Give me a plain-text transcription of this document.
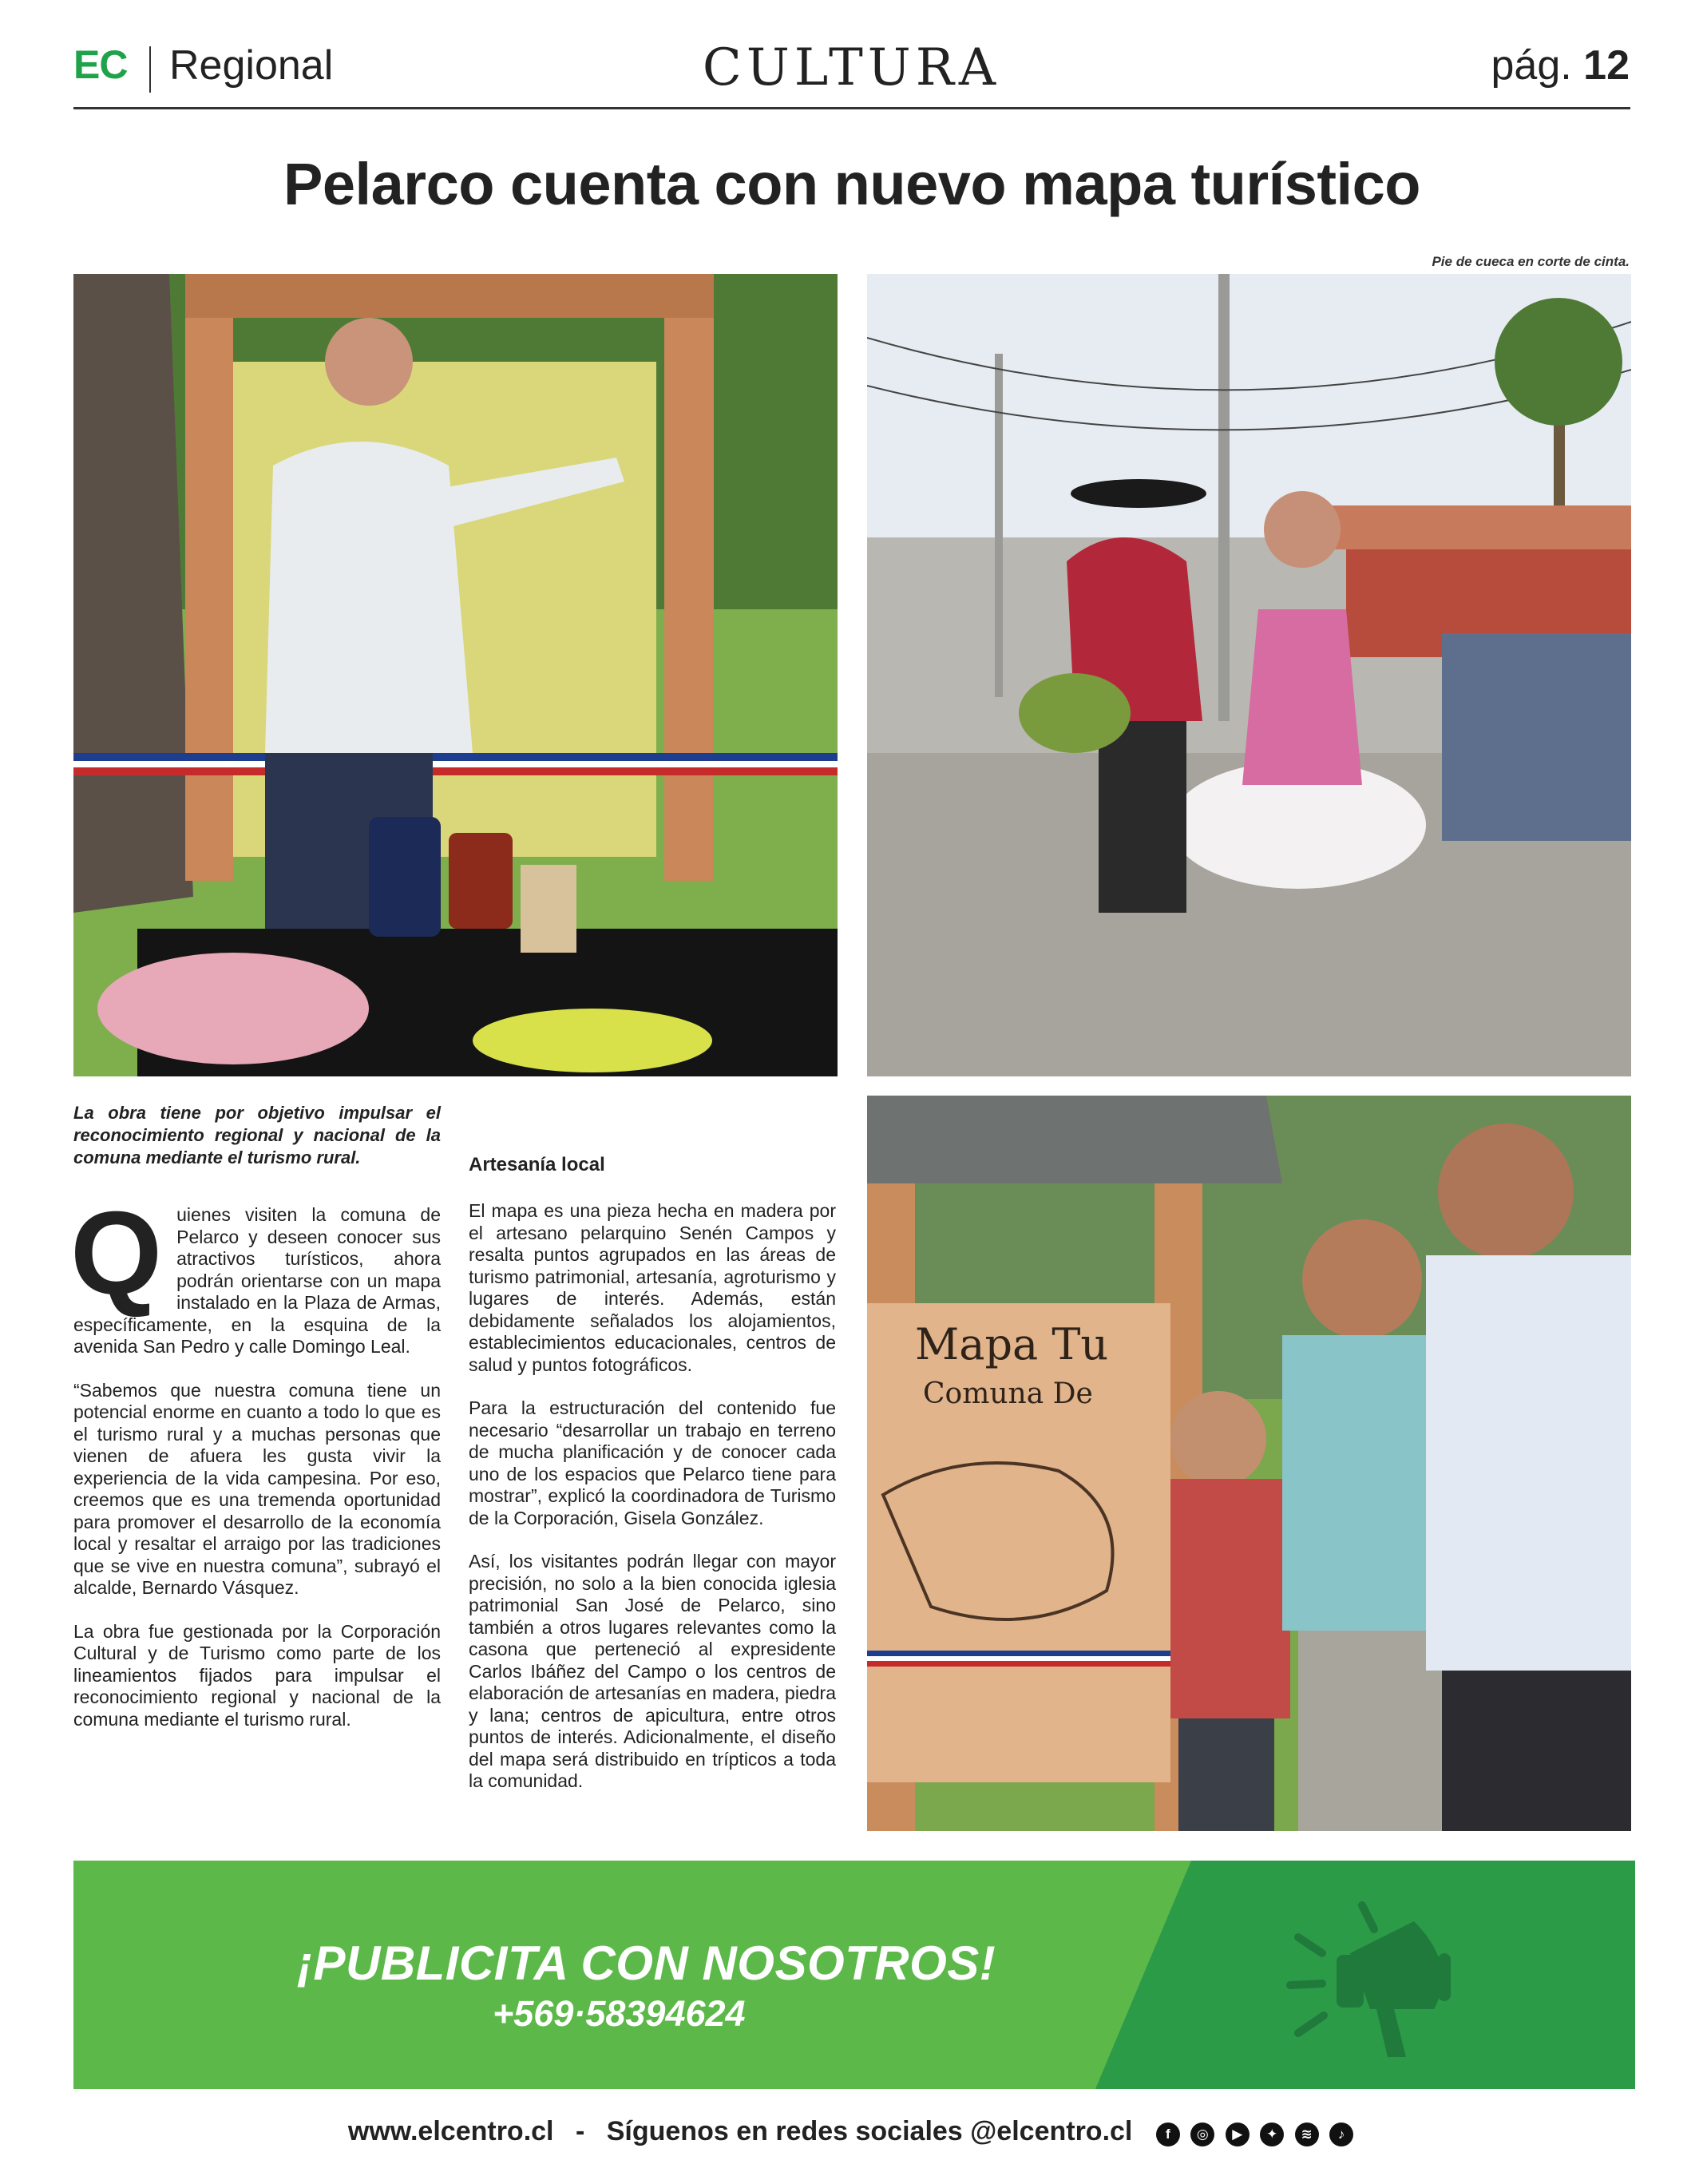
EC Regional	CULTURA	pág. 12
Pelarco cuenta con nuevo mapa turístico
Pie de cueca en corte de cinta.
Mapa Tu
Comuna De
La obra tiene por objetivo impulsar el reconocimiento regional y nacional de la comuna mediante el turismo rural.

Quienes visiten la comuna de Pelarco y deseen conocer sus atractivos turísticos, ahora podrán orientarse con un mapa instalado en la Plaza de Armas, específicamente, en la esquina de la avenida San Pedro y calle Domingo Leal.

“Sabemos que nuestra comuna tiene un potencial enorme en cuanto a todo lo que es el turismo rural y a muchas personas que vienen de afuera les gusta vivir la experiencia de la vida campesina. Por eso, creemos que es una tremenda oportunidad para promover el desarrollo de la economía local y resaltar el arraigo por las tradiciones que se vive en nuestra comuna”, subrayó el alcalde, Bernardo Vásquez.

La obra fue gestionada por la Corporación Cultural y de Turismo como parte de los lineamientos fijados para impulsar el reconocimiento regional y nacional de la comuna mediante el turismo rural.

Artesanía local

El mapa es una pieza hecha en madera por el artesano pelarquino Senén Campos y resalta puntos agrupados en las áreas de turismo patrimonial, artesanía, agroturismo y lugares de interés. Además, están debidamente señalados los alojamientos, establecimientos educacionales, centros de salud y puntos fotográficos.

Para la estructuración del contenido fue necesario “desarrollar un trabajo en terreno de mucha planificación y de conocer cada uno de los espacios que Pelarco tiene para mostrar”, explicó la coordinadora de Turismo de la Corporación, Gisela González.

Así, los visitantes podrán llegar con mayor precisión, no solo a la bien conocida iglesia patrimonial San José de Pelarco, sino también a otros lugares relevantes como la casona que perteneció al expresidente Carlos Ibáñez del Campo o los centros de elaboración de artesanías en madera, piedra y lana; centros de apicultura, entre otros puntos de interés. Adicionalmente, el diseño del mapa será distribuido en trípticos a toda la comunidad.

¡PUBLICITA CON NOSOTROS!
+569·58394624
www.elcentro.cl - Síguenos en redes sociales @elcentro.cl f ◎ ▶ ✦ ≋ ♪
